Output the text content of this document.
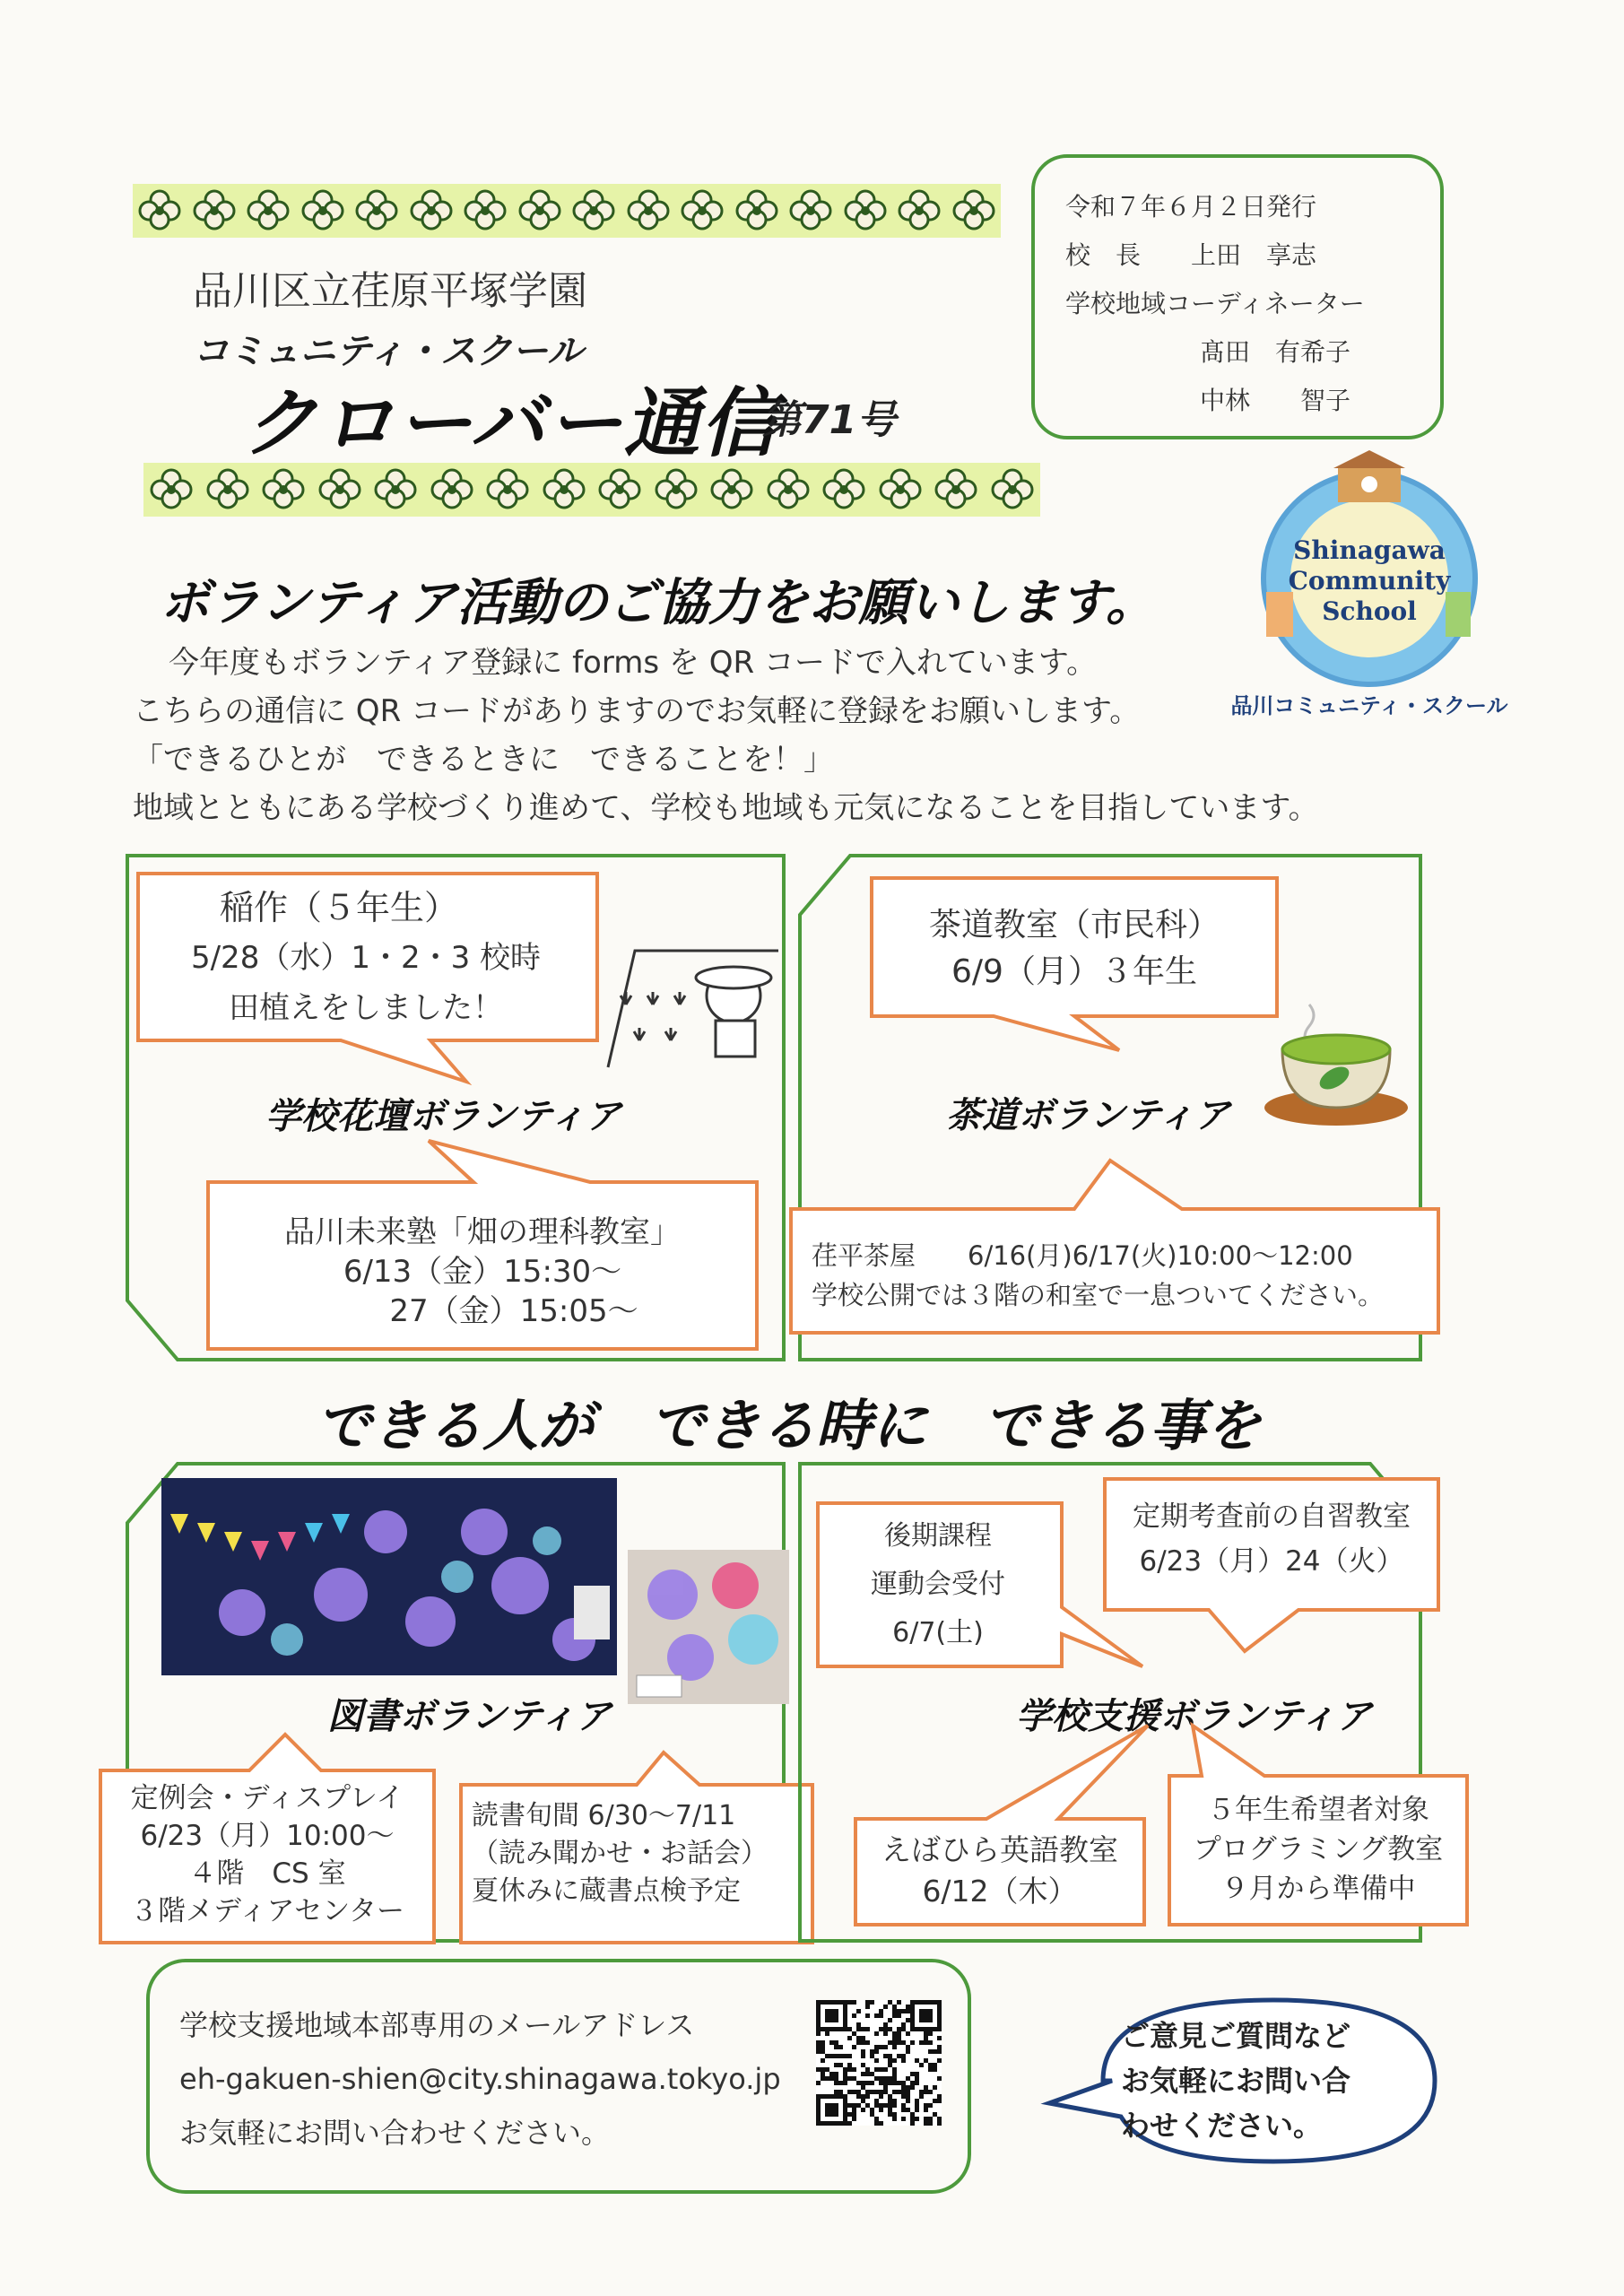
品川区立荏原平塚学園
コミュニティ・スクール
クローバー通信
第71号
令和７年６月２日発行
校　長　　上田　享志
学校地域コーディネーター
髙田　有希子
中林　　智子
Shinagawa
Community
School
品川コミュニティ・スクール
ボランティア活動のご協力をお願いします。
今年度もボランティア登録に forms を QR コードで入れています。
こちらの通信に QR コードがありますのでお気軽に登録をお願いします。
「できるひとが　できるときに　できることを！」
地域とともにある学校づくり進めて、学校も地域も元気になることを目指しています。
稲作（５年生）
5/28（水）1・2・3 校時
田植えをしました！
学校花壇ボランティア
品川未来塾「畑の理科教室」
6/13（金）15:30～
27（金）15:05～
茶道教室（市民科）
6/9（月）３年生
茶道ボランティア
荏平茶屋　　6/16(月)6/17(火)10:00～12:00
学校公開では３階の和室で一息ついてください。
できる人が　できる時に　できる事を
図書ボランティア
定例会・ディスプレイ
6/23（月）10:00～
４階　CS 室
３階メディアセンター
読書旬間 6/30～7/11
（読み聞かせ・お話会）
夏休みに蔵書点検予定
後期課程
運動会受付
6/7(土)
定期考査前の自習教室
6/23（月）24（火）
学校支援ボランティア
えばひら英語教室
6/12（木）
５年生希望者対象
プログラミング教室
９月から準備中
学校支援地域本部専用のメールアドレス
eh-gakuen-shien@city.shinagawa.tokyo.jp
お気軽にお問い合わせください。
ご意見ご質問など
お気軽にお問い合
わせください。
